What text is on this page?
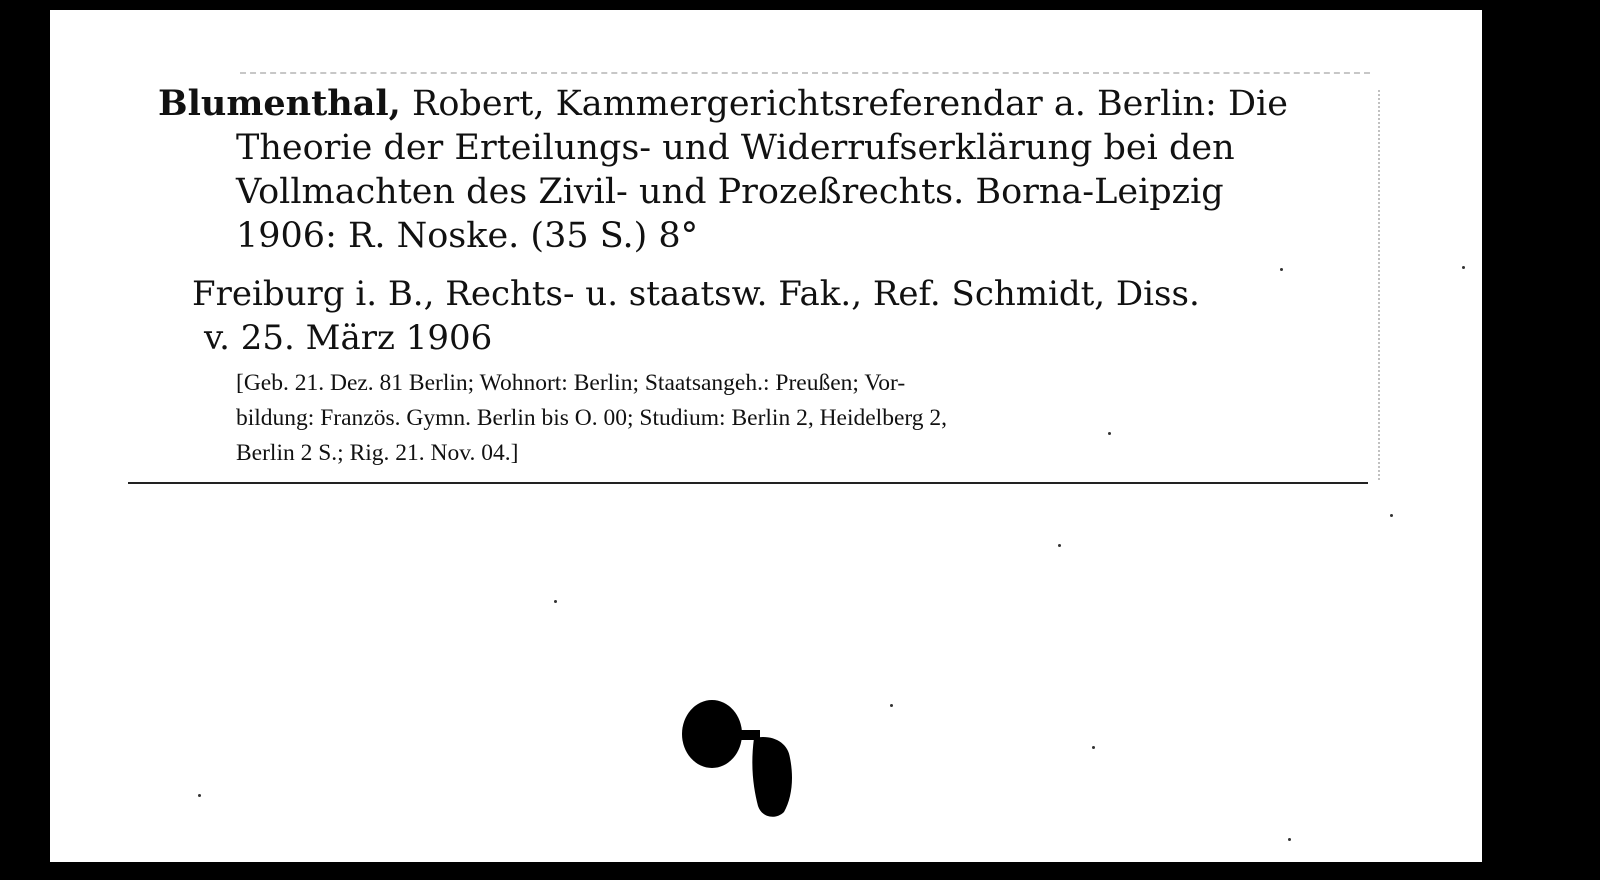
Blumenthal, Robert, Kammergerichtsreferendar a. Berlin: Die
Theorie der Erteilungs- und Widerrufserklärung bei den
Vollmachten des Zivil- und Prozeßrechts. Borna-Leipzig
1906: R. Noske. (35 S.) 8°
Freiburg i. B., Rechts- u. staatsw. Fak., Ref. Schmidt, Diss.
v. 25. März 1906
[Geb. 21. Dez. 81 Berlin; Wohnort: Berlin; Staatsangeh.: Preußen; Vor-
bildung: Französ. Gymn. Berlin bis O. 00; Studium: Berlin 2, Heidelberg 2,
Berlin 2 S.; Rig. 21. Nov. 04.]
